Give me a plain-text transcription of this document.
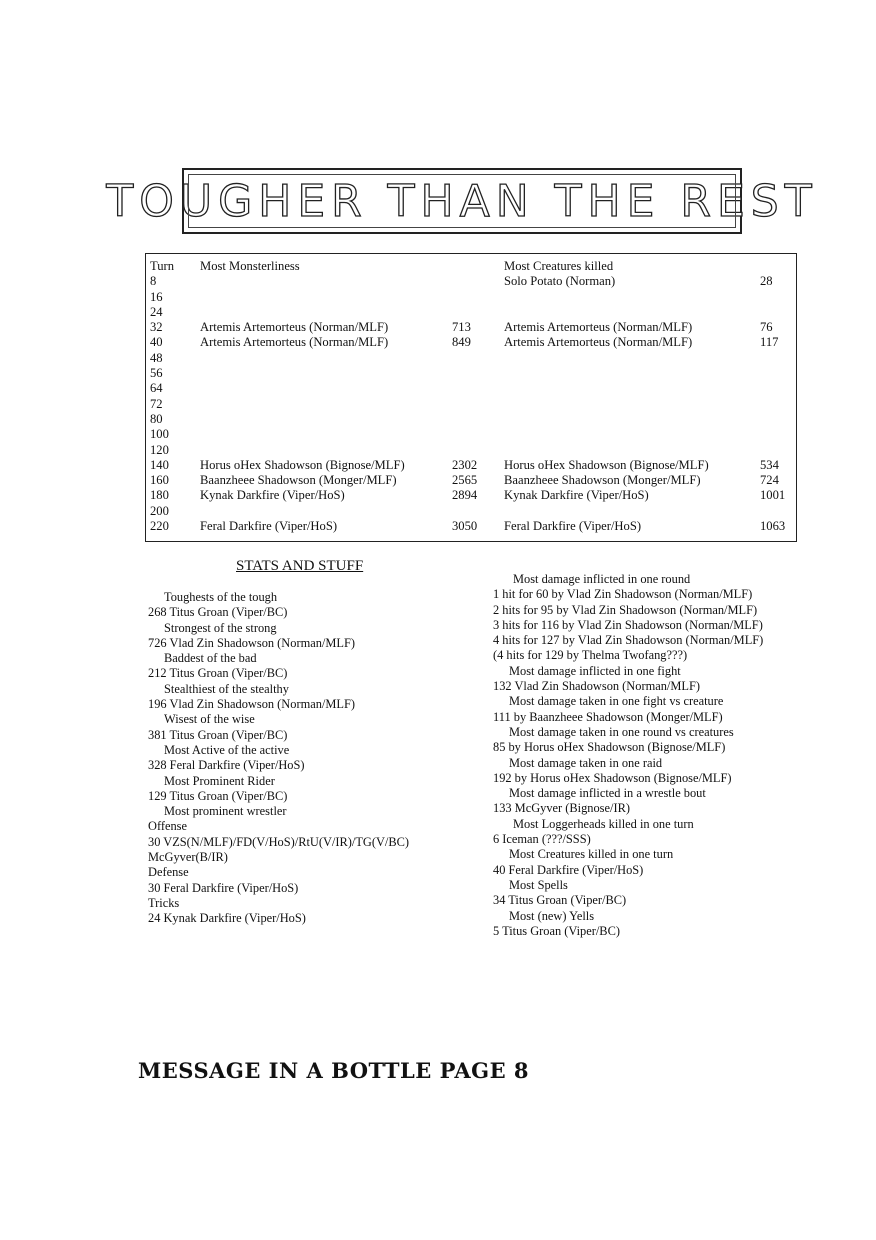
TOUGHER THAN THE REST
Turn	Most Monsterliness		Most Creatures killed	
8			Solo Potato (Norman)	28
16				
24				
32	Artemis Artemorteus (Norman/MLF)	713	Artemis Artemorteus (Norman/MLF)	76
40	Artemis Artemorteus (Norman/MLF)	849	Artemis Artemorteus (Norman/MLF)	117
48				
56				
64				
72				
80				
100				
120				
140	Horus oHex Shadowson (Bignose/MLF)	2302	Horus oHex Shadowson (Bignose/MLF)	534
160	Baanzheee Shadowson (Monger/MLF)	2565	Baanzheee Shadowson (Monger/MLF)	724
180	Kynak Darkfire (Viper/HoS)	2894	Kynak Darkfire (Viper/HoS)	1001
200				
220	Feral Darkfire (Viper/HoS)	3050	Feral Darkfire (Viper/HoS)	1063
STATS AND STUFF
Toughests of the tough
268 Titus Groan (Viper/BC)
Strongest of the strong
726 Vlad Zin Shadowson (Norman/MLF)
Baddest of the bad
212 Titus Groan (Viper/BC)
Stealthiest of the stealthy
196 Vlad Zin Shadowson (Norman/MLF)
Wisest of the wise
381 Titus Groan (Viper/BC)
Most Active of the active
328 Feral Darkfire (Viper/HoS)
Most Prominent Rider
129 Titus Groan (Viper/BC)
Most prominent wrestler
Offense
30 VZS(N/MLF)/FD(V/HoS)/RtU(V/IR)/TG(V/BC)
McGyver(B/IR)
Defense
30 Feral Darkfire (Viper/HoS)
Tricks
24 Kynak Darkfire (Viper/HoS)
Most damage inflicted in one round
1 hit for 60 by Vlad Zin Shadowson (Norman/MLF)
2 hits for 95 by Vlad Zin Shadowson (Norman/MLF)
3 hits for 116 by Vlad Zin Shadowson (Norman/MLF)
4 hits for 127 by Vlad Zin Shadowson (Norman/MLF)
(4 hits for 129 by Thelma Twofang???)
Most damage inflicted in one fight
132 Vlad Zin Shadowson (Norman/MLF)
Most damage taken in one fight vs creature
111 by Baanzheee Shadowson (Monger/MLF)
Most damage taken in one round vs creatures
85 by Horus oHex Shadowson (Bignose/MLF)
Most damage taken in one raid
192 by Horus oHex Shadowson (Bignose/MLF)
Most damage inflicted in a wrestle bout
133 McGyver (Bignose/IR)
Most Loggerheads killed in one turn
6 Iceman (???/SSS)
Most Creatures killed in one turn
40 Feral Darkfire (Viper/HoS)
Most Spells
34 Titus Groan (Viper/BC)
Most (new) Yells
5 Titus Groan (Viper/BC)
MESSAGE IN A BOTTLE PAGE 8
